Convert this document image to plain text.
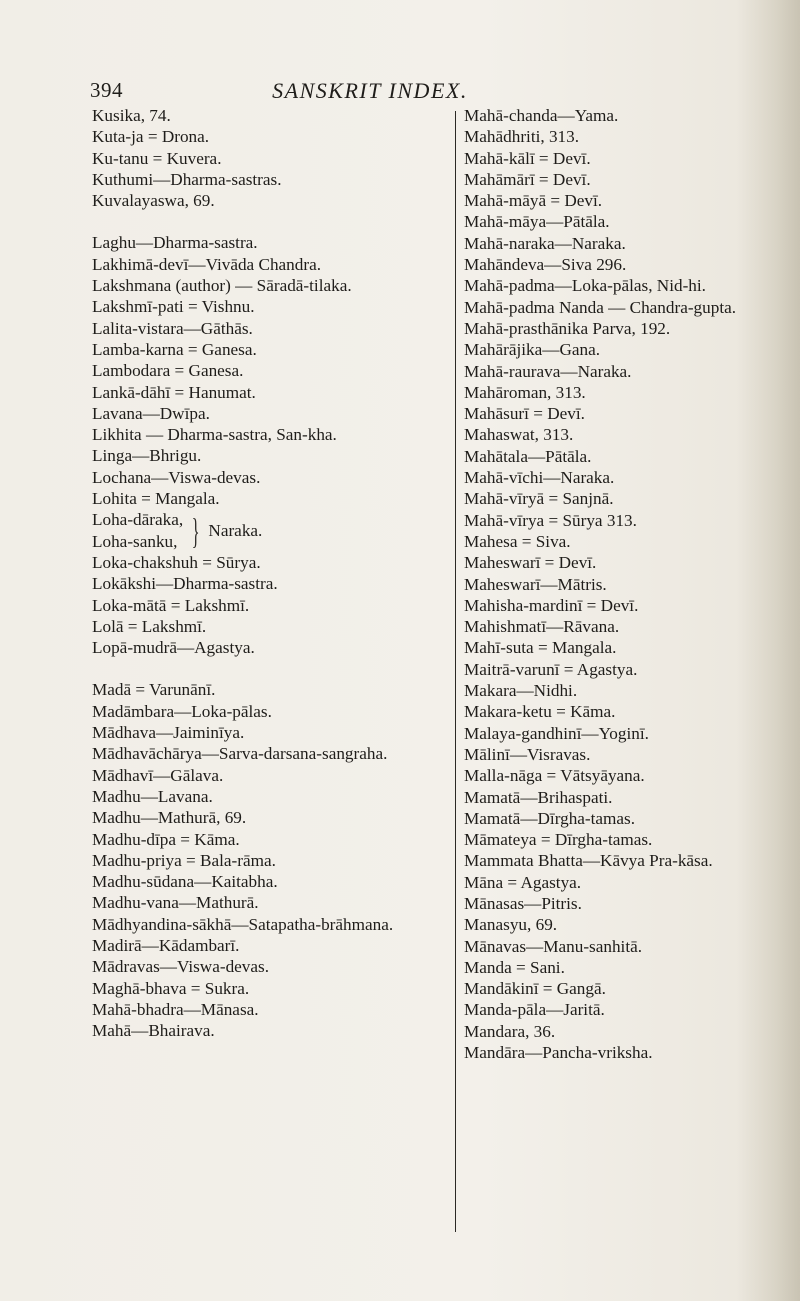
394	SANSKRIT INDEX.
Kusika, 74.
Kuta-ja = Drona.
Ku-tanu = Kuvera.
Kuthumi—Dharma-sastras.
Kuvalayaswa, 69.
Laghu—Dharma-sastra.
Lakhimā-devī—Vivāda Chandra.
Lakshmana (author) — Sāradā-tilaka.
Lakshmī-pati = Vishnu.
Lalita-vistara—Gāthās.
Lamba-karna = Ganesa.
Lambodara = Ganesa.
Lankā-dāhī = Hanumat.
Lavana—Dwīpa.
Likhita — Dharma-sastra, San-kha.
Linga—Bhrigu.
Lochana—Viswa-devas.
Lohita = Mangala.
Loha-dāraka,
Loha-sanku, } Naraka.
Loka-chakshuh = Sūrya.
Lokākshi—Dharma-sastra.
Loka-mātā = Lakshmī.
Lolā = Lakshmī.
Lopā-mudrā—Agastya.
Madā = Varunānī.
Madāmbara—Loka-pālas.
Mādhava—Jaiminīya.
Mādhavāchārya—Sarva-darsana-sangraha.
Mādhavī—Gālava.
Madhu—Lavana.
Madhu—Mathurā, 69.
Madhu-dīpa = Kāma.
Madhu-priya = Bala-rāma.
Madhu-sūdana—Kaitabha.
Madhu-vana—Mathurā.
Mādhyandina-sākhā—Satapatha-brāhmana.
Madirā—Kādambarī.
Mādravas—Viswa-devas.
Maghā-bhava = Sukra.
Mahā-bhadra—Mānasa.
Mahā—Bhairava.
Mahā-chanda—Yama.
Mahādhriti, 313.
Mahā-kālī = Devī.
Mahāmārī = Devī.
Mahā-māyā = Devī.
Mahā-māya—Pātāla.
Mahā-naraka—Naraka.
Mahāndeva—Siva 296.
Mahā-padma—Loka-pālas, Nid-hi.
Mahā-padma Nanda — Chandra-gupta.
Mahā-prasthānika Parva, 192.
Mahārājika—Gana.
Mahā-raurava—Naraka.
Mahāroman, 313.
Mahāsurī = Devī.
Mahaswat, 313.
Mahātala—Pātāla.
Mahā-vīchi—Naraka.
Mahā-vīryā = Sanjnā.
Mahā-vīrya = Sūrya 313.
Mahesa = Siva.
Maheswarī = Devī.
Maheswarī—Mātris.
Mahisha-mardinī = Devī.
Mahishmatī—Rāvana.
Mahī-suta = Mangala.
Maitrā-varunī = Agastya.
Makara—Nidhi.
Makara-ketu = Kāma.
Malaya-gandhinī—Yoginī.
Mālinī—Visravas.
Malla-nāga = Vātsyāyana.
Mamatā—Brihaspati.
Mamatā—Dīrgha-tamas.
Māmateya = Dīrgha-tamas.
Mammata Bhatta—Kāvya Pra-kāsa.
Māna = Agastya.
Mānasas—Pitris.
Manasyu, 69.
Mānavas—Manu-sanhitā.
Manda = Sani.
Mandākinī = Gangā.
Manda-pāla—Jaritā.
Mandara, 36.
Mandāra—Pancha-vriksha.
